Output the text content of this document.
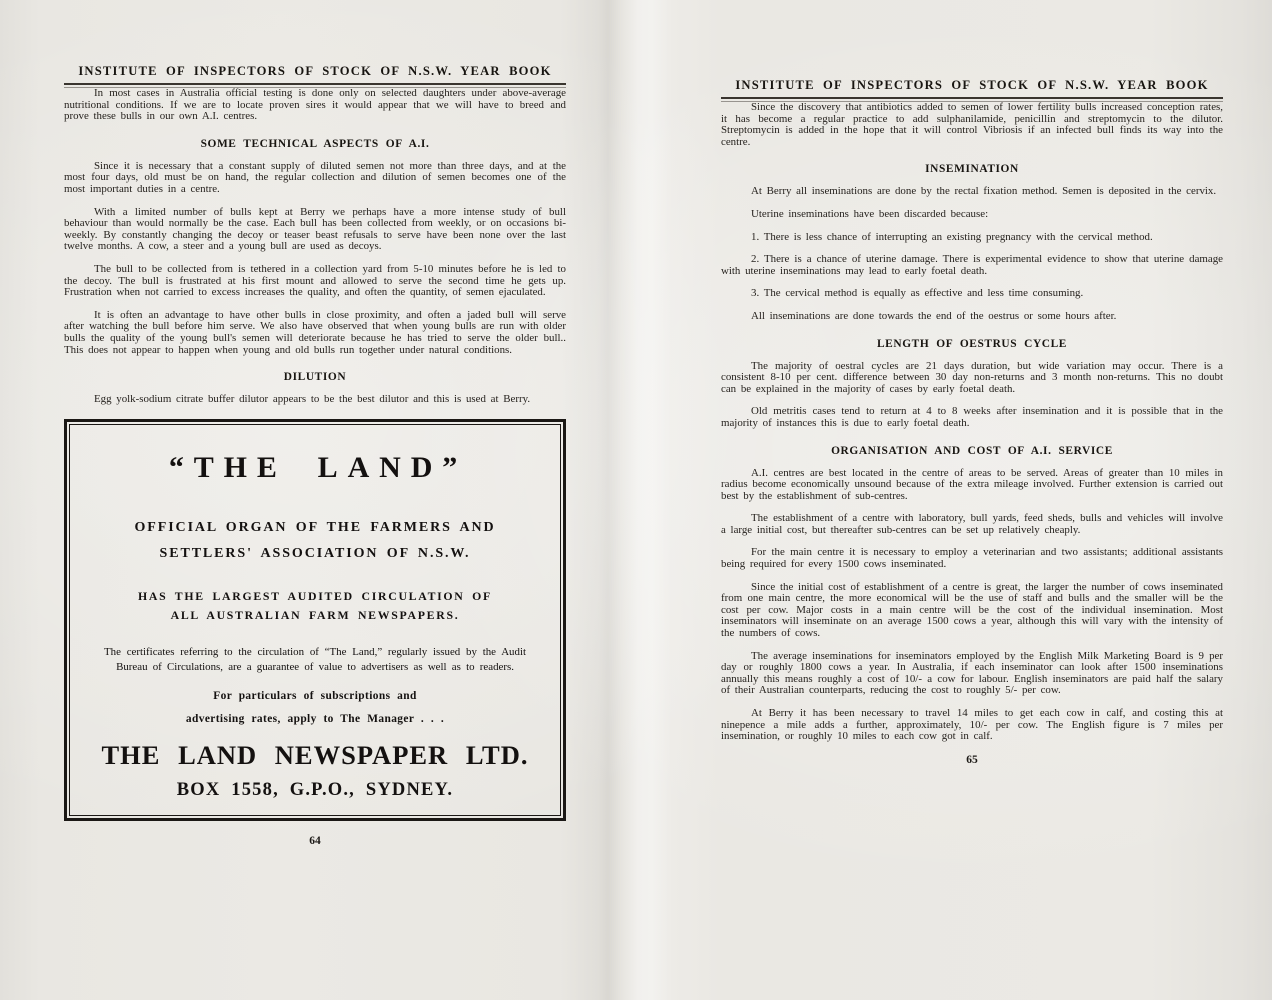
INSTITUTE OF INSPECTORS OF STOCK OF N.S.W. YEAR BOOK

In most cases in Australia official testing is done only on selected daughters under above-average nutritional conditions. If we are to locate proven sires it would appear that we will have to breed and prove these bulls in our own A.I. centres.

SOME TECHNICAL ASPECTS OF A.I.

Since it is necessary that a constant supply of diluted semen not more than three days, and at the most four days, old must be on hand, the regular collection and dilution of semen becomes one of the most important duties in a centre.

With a limited number of bulls kept at Berry we perhaps have a more intense study of bull behaviour than would normally be the case. Each bull has been collected from weekly, or on occasions bi-weekly. By constantly changing the decoy or teaser beast refusals to serve have been none over the last twelve months. A cow, a steer and a young bull are used as decoys.

The bull to be collected from is tethered in a collection yard from 5-10 minutes before he is led to the decoy. The bull is frustrated at his first mount and allowed to serve the second time he gets up. Frustration when not carried to excess increases the quality, and often the quantity, of semen ejaculated.

It is often an advantage to have other bulls in close proximity, and often a jaded bull will serve after watching the bull before him serve. We also have observed that when young bulls are run with older bulls the quality of the young bull's semen will deteriorate because he has tried to serve the older bull.. This does not appear to happen when young and old bulls run together under natural conditions.

DILUTION

Egg yolk-sodium citrate buffer dilutor appears to be the best dilutor and this is used at Berry.

“THE LAND”
OFFICIAL ORGAN OF THE FARMERS AND
SETTLERS' ASSOCIATION OF N.S.W.
HAS THE LARGEST AUDITED CIRCULATION OF
ALL AUSTRALIAN FARM NEWSPAPERS.
The certificates referring to the circulation of “The Land,” regularly issued by the Audit Bureau of Circulations, are a guarantee of value to advertisers as well as to readers.
For particulars of subscriptions and
advertising rates, apply to The Manager . . .
THE LAND NEWSPAPER LTD.
BOX 1558, G.P.O., SYDNEY.
64
INSTITUTE OF INSPECTORS OF STOCK OF N.S.W. YEAR BOOK

Since the discovery that antibiotics added to semen of lower fertility bulls increased conception rates, it has become a regular practice to add sulphanilamide, penicillin and streptomycin to the dilutor. Streptomycin is added in the hope that it will control Vibriosis if an infected bull finds its way into the centre.

INSEMINATION

At Berry all inseminations are done by the rectal fixation method. Semen is deposited in the cervix.

Uterine inseminations have been discarded because:

1. There is less chance of interrupting an existing pregnancy with the cervical method.

2. There is a chance of uterine damage. There is experimental evidence to show that uterine damage with uterine inseminations may lead to early foetal death.

3. The cervical method is equally as effective and less time consuming.

All inseminations are done towards the end of the oestrus or some hours after.

LENGTH OF OESTRUS CYCLE

The majority of oestral cycles are 21 days duration, but wide variation may occur. There is a consistent 8-10 per cent. difference between 30 day non-returns and 3 month non-returns. This no doubt can be explained in the majority of cases by early foetal death.

Old metritis cases tend to return at 4 to 8 weeks after insemination and it is possible that in the majority of instances this is due to early foetal death.

ORGANISATION AND COST OF A.I. SERVICE

A.I. centres are best located in the centre of areas to be served. Areas of greater than 10 miles in radius become economically unsound because of the extra mileage involved. Further extension is carried out best by the establishment of sub-centres.

The establishment of a centre with laboratory, bull yards, feed sheds, bulls and vehicles will involve a large initial cost, but thereafter sub-centres can be set up relatively cheaply.

For the main centre it is necessary to employ a veterinarian and two assistants; additional assistants being required for every 1500 cows inseminated.

Since the initial cost of establishment of a centre is great, the larger the number of cows inseminated from one main centre, the more economical will be the use of staff and bulls and the smaller will be the cost per cow. Major costs in a main centre will be the cost of the individual insemination. Most inseminators will inseminate on an average 1500 cows a year, although this will vary with the intensity of the numbers of cows.

The average inseminations for inseminators employed by the English Milk Marketing Board is 9 per day or roughly 1800 cows a year. In Australia, if each inseminator can look after 1500 inseminations annually this means roughly a cost of 10/- a cow for labour. English inseminators are paid half the salary of their Australian counterparts, reducing the cost to roughly 5/- per cow.

At Berry it has been necessary to travel 14 miles to get each cow in calf, and costing this at ninepence a mile adds a further, approximately, 10/- per cow. The English figure is 7 miles per insemination, or roughly 10 miles to each cow got in calf.

65
